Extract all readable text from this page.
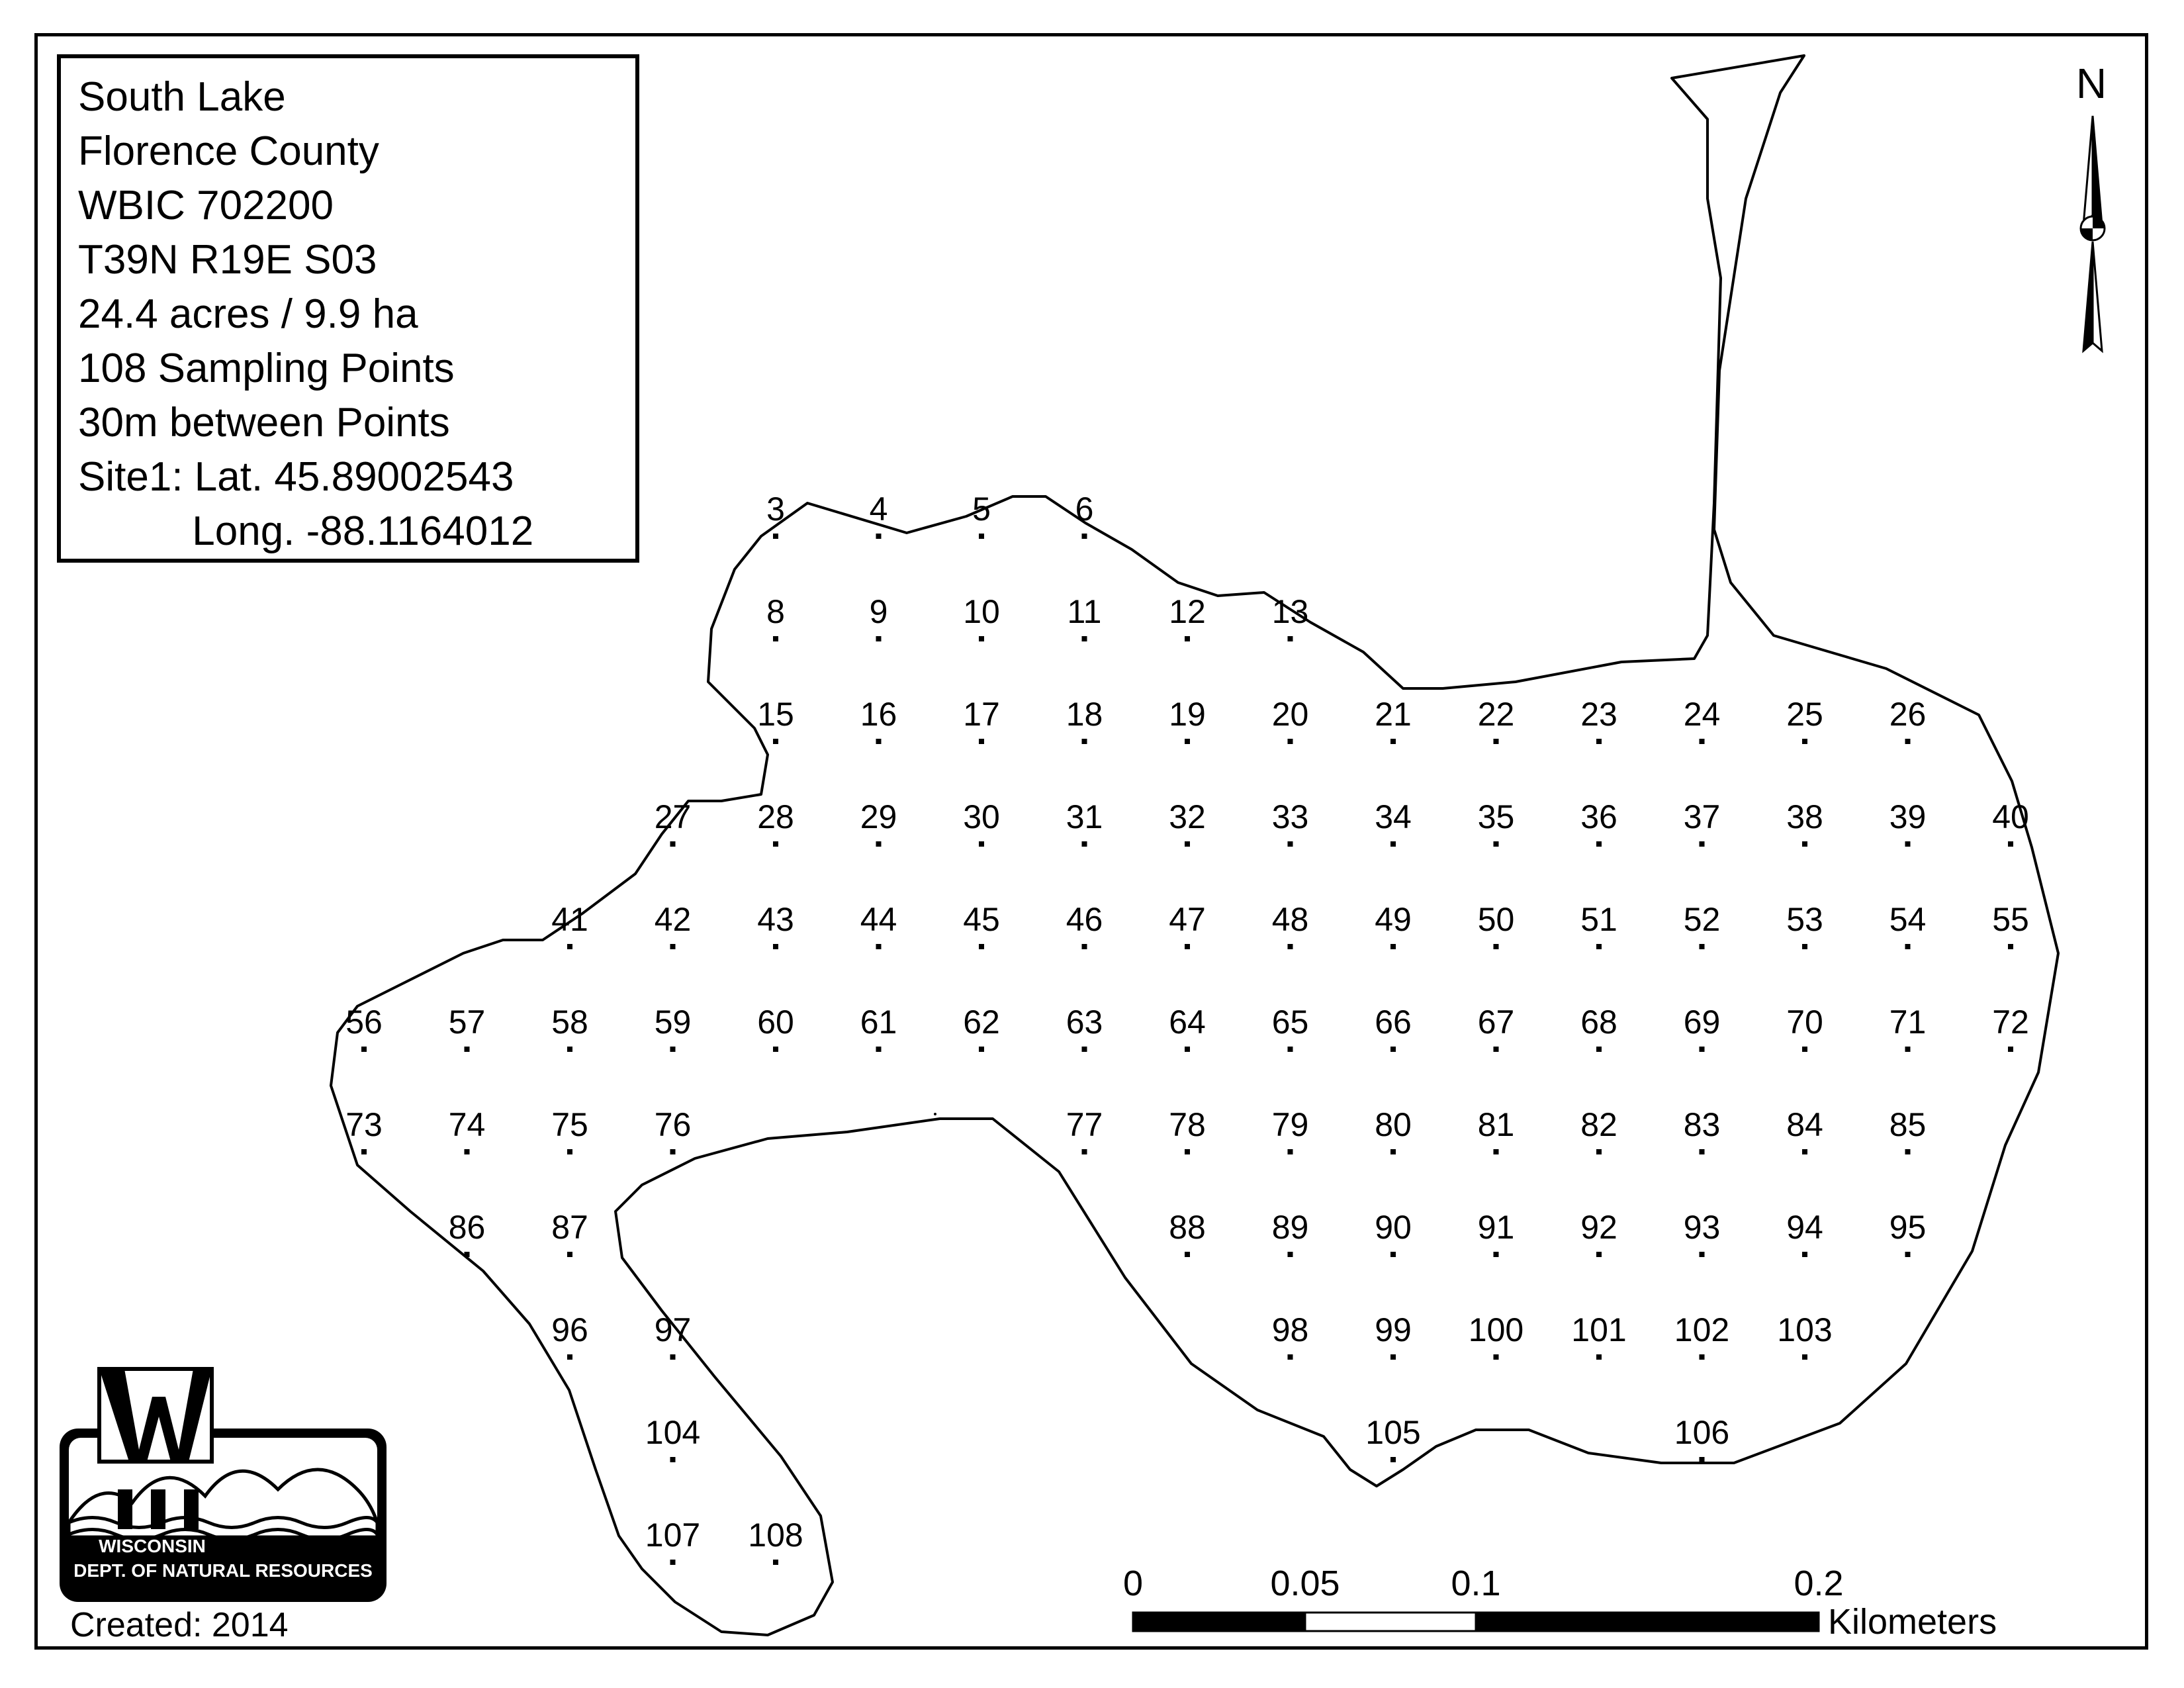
3	4	5	6
8	9 10 11 12 13
15 16 17 18 19 20 21 22 23 24 25 26
27 28 29 30 31 32 33 34 35 36 37 38 39 40
41 42 43 44 45 46 47 48 49 50 51 52 53 54 55
56 57 58 59 60 61 62 63 64 65 66 67 68 69 70 71 72
73 74 75 76	77 78 79 80 81 82 83 84 85
86 87	88 89 90 91 92 93 94 95
96 97	98 99 100 101 102 103
104	105	106
107 108
N
0	0.05	0.1	0.2
Kilometers
WISCONSIN
DEPT. OF NATURAL RESOURCES
South Lake
Florence County
WBIC 702200
T39N R19E S03
24.4 acres / 9.9 ha
108 Sampling Points
30m between Points
Site1: Lat. 45.89002543
Long. -88.1164012
Created: 2014
